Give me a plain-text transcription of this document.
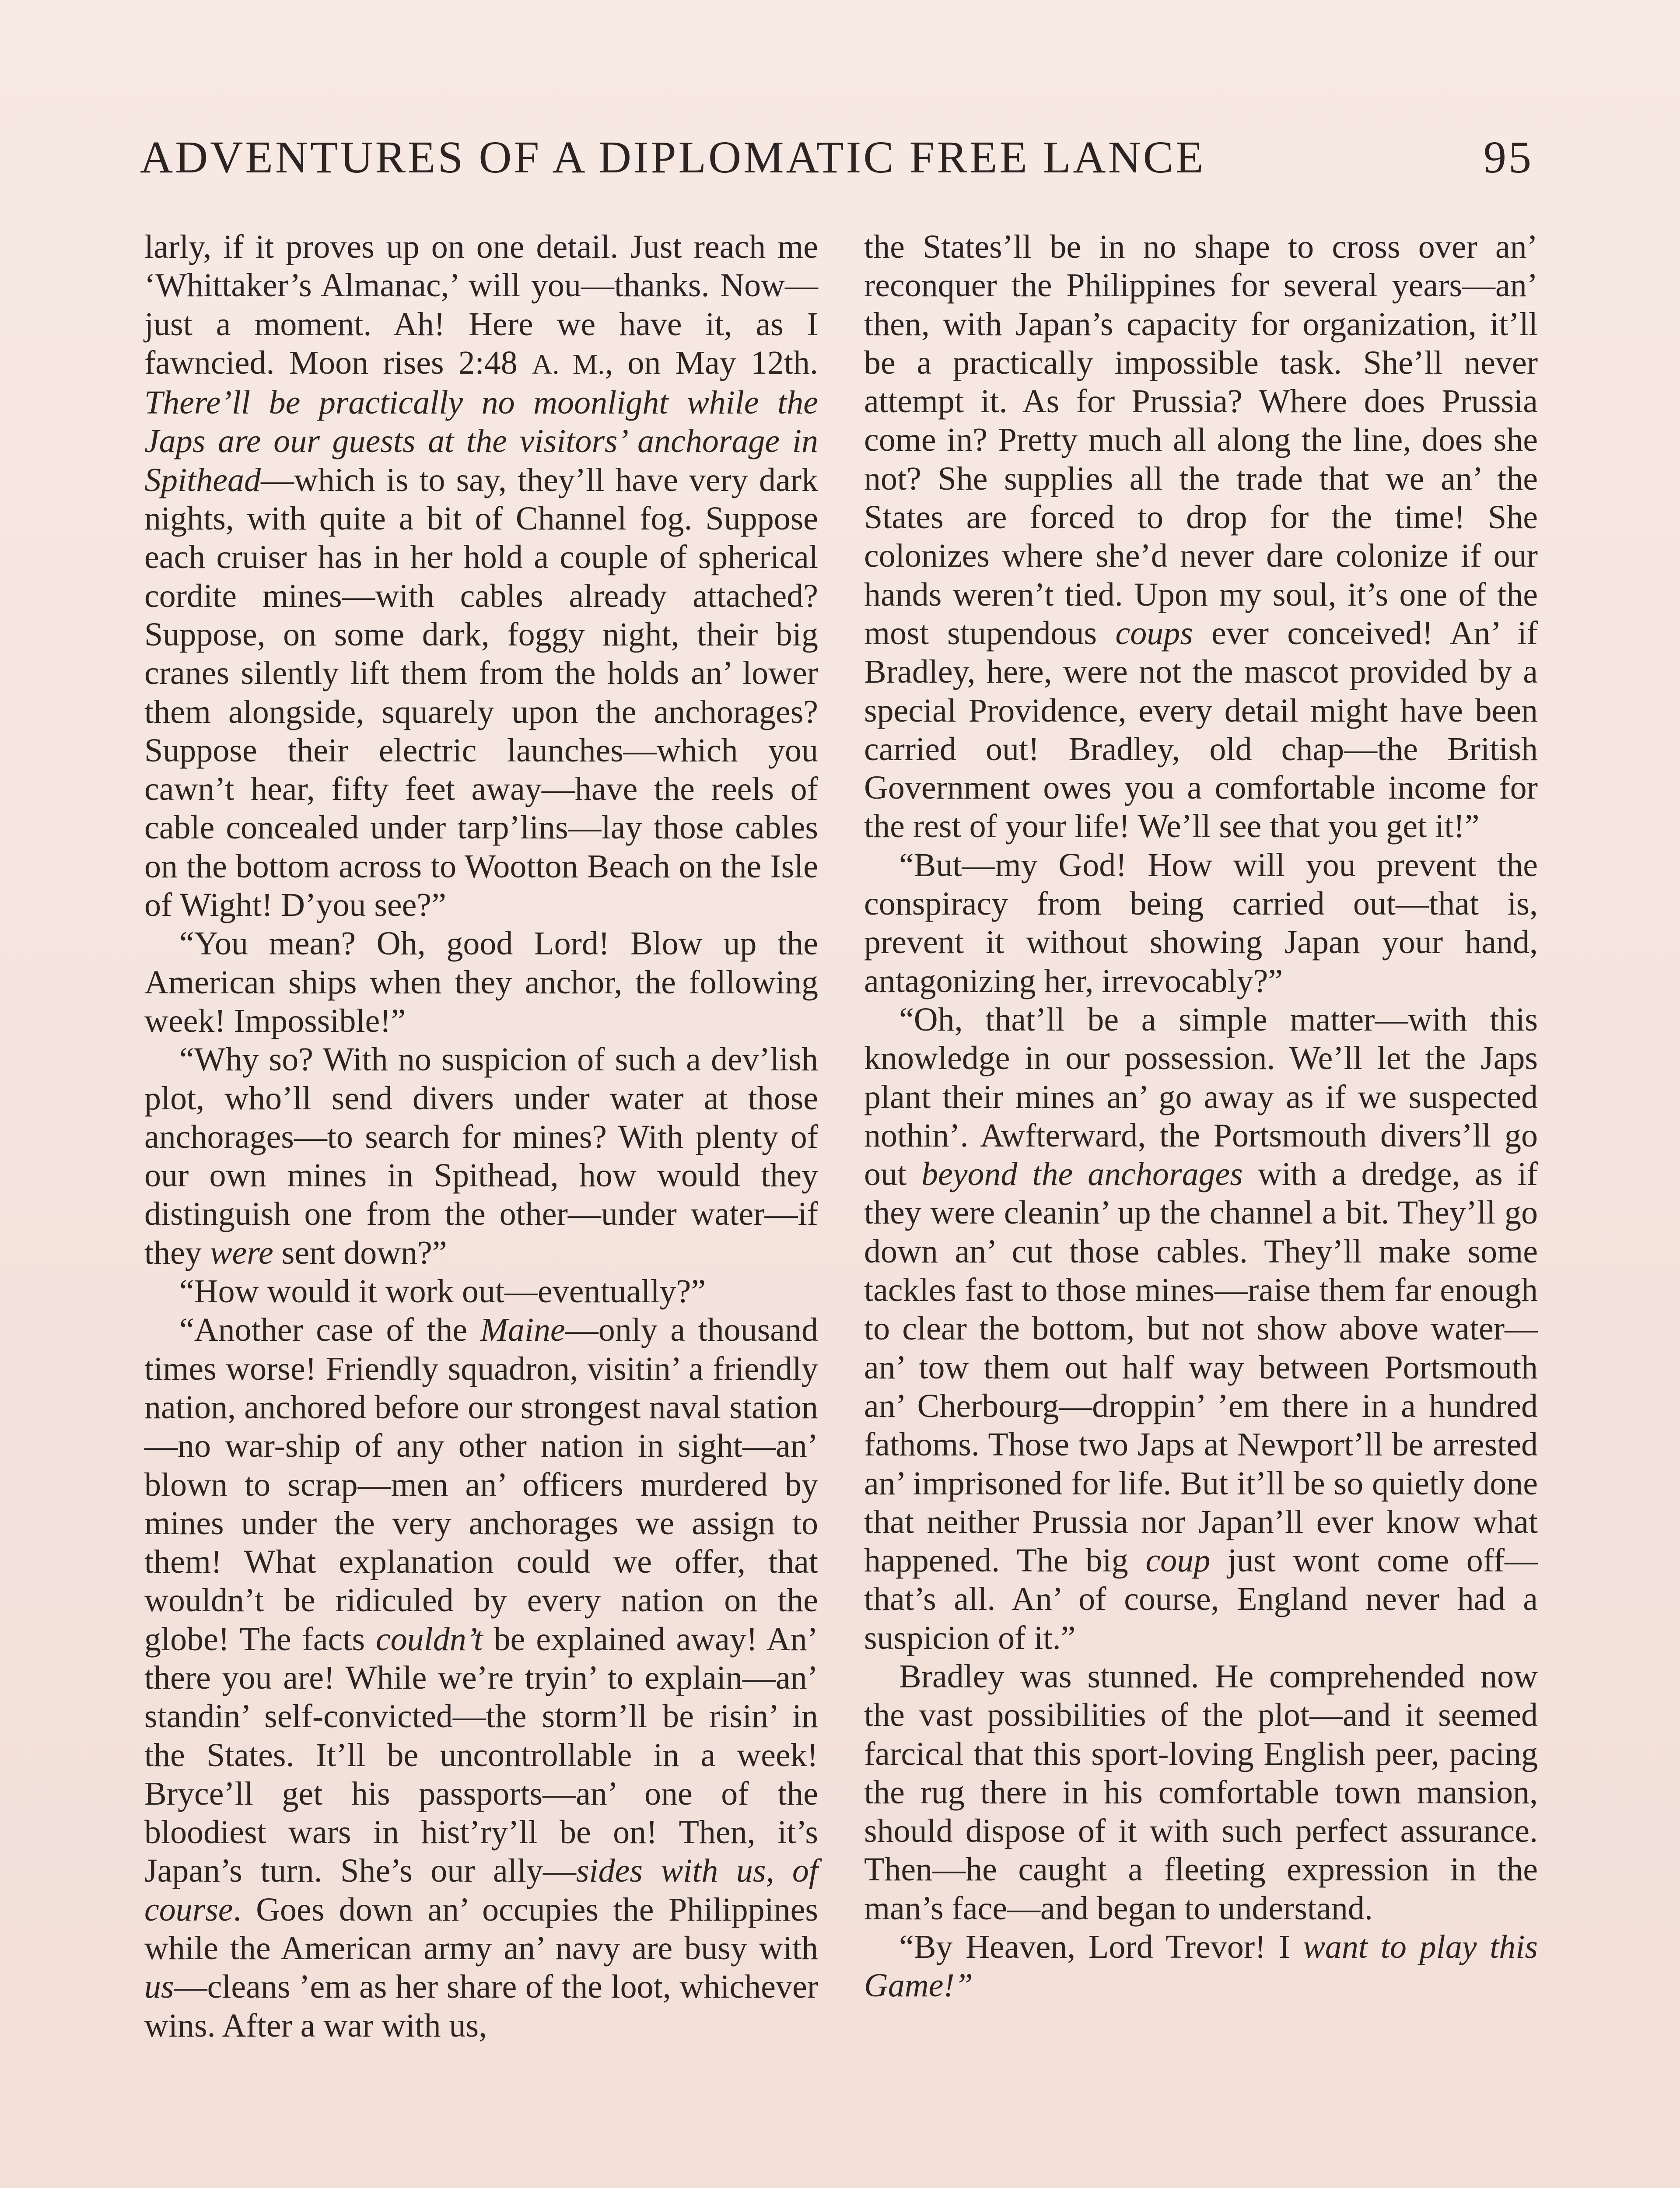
ADVENTURES OF A DIPLOMATIC FREE LANCE	95

larly, if it proves up on one detail. Just reach me ‘Whittaker’s Almanac,’ will you—thanks. Now—just a moment. Ah! Here we have it, as I fawncied. Moon rises 2:48 A. M., on May 12th. There’ll be practically no moonlight while the Japs are our guests at the visitors’ anchorage in Spithead—which is to say, they’ll have very dark nights, with quite a bit of Channel fog. Suppose each cruiser has in her hold a couple of spherical cordite mines—with cables already attached? Suppose, on some dark, foggy night, their big cranes silently lift them from the holds an’ lower them alongside, squarely upon the anchorages? Suppose their electric launches—which you cawn’t hear, fifty feet away—have the reels of cable concealed under tarp’lins—lay those cables on the bottom across to Wootton Beach on the Isle of Wight! D’you see?”

“You mean? Oh, good Lord! Blow up the American ships when they anchor, the following week! Impossible!”

“Why so? With no suspicion of such a dev’lish plot, who’ll send divers under water at those anchorages—to search for mines? With plenty of our own mines in Spithead, how would they distinguish one from the other—under water—if they were sent down?”

“How would it work out—eventually?”

“Another case of the Maine—only a thousand times worse! Friendly squadron, visitin’ a friendly nation, anchored before our strongest naval station—no war-ship of any other nation in sight—an’ blown to scrap—men an’ officers murdered by mines under the very anchorages we assign to them! What explanation could we offer, that wouldn’t be ridiculed by every nation on the globe! The facts couldn’t be explained away! An’ there you are! While we’re tryin’ to explain—an’ standin’ self-convicted—the storm’ll be risin’ in the States. It’ll be uncontrollable in a week! Bryce’ll get his passports—an’ one of the bloodiest wars in hist’ry’ll be on! Then, it’s Japan’s turn. She’s our ally—sides with us, of course. Goes down an’ occupies the Philippines while the American army an’ navy are busy with us—cleans ’em as her share of the loot, whichever wins. After a war with us,

the States’ll be in no shape to cross over an’ reconquer the Philippines for several years—an’ then, with Japan’s capacity for organization, it’ll be a practically impossible task. She’ll never attempt it. As for Prussia? Where does Prussia come in? Pretty much all along the line, does she not? She supplies all the trade that we an’ the States are forced to drop for the time! She colonizes where she’d never dare colonize if our hands weren’t tied. Upon my soul, it’s one of the most stupendous coups ever conceived! An’ if Bradley, here, were not the mascot provided by a special Providence, every detail might have been carried out! Bradley, old chap—the British Government owes you a comfortable income for the rest of your life! We’ll see that you get it!”

“But—my God! How will you prevent the conspiracy from being carried out—that is, prevent it without showing Japan your hand, antagonizing her, irrevocably?”

“Oh, that’ll be a simple matter—with this knowledge in our possession. We’ll let the Japs plant their mines an’ go away as if we suspected nothin’. Awfterward, the Portsmouth divers’ll go out beyond the anchorages with a dredge, as if they were cleanin’ up the channel a bit. They’ll go down an’ cut those cables. They’ll make some tackles fast to those mines—raise them far enough to clear the bottom, but not show above water—an’ tow them out half way between Portsmouth an’ Cherbourg—droppin’ ’em there in a hundred fathoms. Those two Japs at Newport’ll be arrested an’ imprisoned for life. But it’ll be so quietly done that neither Prussia nor Japan’ll ever know what happened. The big coup just wont come off—that’s all. An’ of course, England never had a suspicion of it.”

Bradley was stunned. He comprehended now the vast possibilities of the plot—and it seemed farcical that this sport-loving English peer, pacing the rug there in his comfortable town mansion, should dispose of it with such perfect assurance. Then—he caught a fleeting expression in the man’s face—and began to understand.

“By Heaven, Lord Trevor! I want to play this Game!”
